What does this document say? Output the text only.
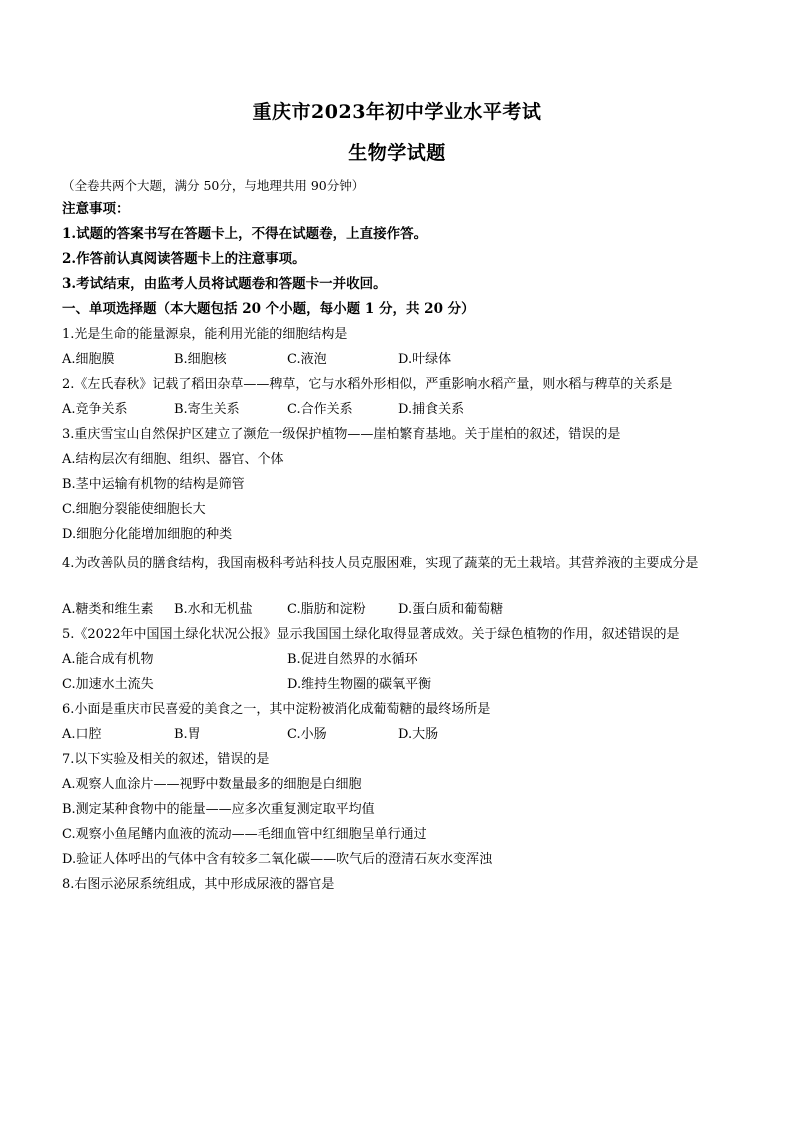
重庆市2023年初中学业水平考试
生物学试题
（全卷共两个大题，满分 50分，与地理共用 90分钟）
注意事项：
1.试题的答案书写在答题卡上，不得在试题卷，上直接作答。
2.作答前认真阅读答题卡上的注意事项。
3.考试结束，由监考人员将试题卷和答题卡一并收回。
一、单项选择题（本大题包括 20 个小题，每小题 1 分，共 20 分）
1.光是生命的能量源泉，能利用光能的细胞结构是
A.细胞膜	B.细胞核	C.液泡	D.叶绿体
2.《左氏春秋》记载了稻田杂草——稗草，它与水稻外形相似，严重影响水稻产量，则水稻与稗草的关系是
A.竞争关系	B.寄生关系	C.合作关系	D.捕食关系
3.重庆雪宝山自然保护区建立了濒危一级保护植物——崖柏繁育基地。关于崖柏的叙述，错误的是
A.结构层次有细胞、组织、器官、个体
B.茎中运输有机物的结构是筛管
C.细胞分裂能使细胞长大
D.细胞分化能增加细胞的种类
4.为改善队员的膳食结构，我国南极科考站科技人员克服困难，实现了蔬菜的无土栽培。其营养液的主要成分是
A.糖类和维生素 B.水和无机盐	C.脂肪和淀粉 D.蛋白质和葡萄糖
5.《2022年中国国土绿化状况公报》显示我国国土绿化取得显著成效。关于绿色植物的作用，叙述错误的是
A.能合成有机物	B.促进自然界的水循环
C.加速水土流失	D.维持生物圈的碳氧平衡
6.小面是重庆市民喜爱的美食之一，其中淀粉被消化成葡萄糖的最终场所是
A.口腔	B.胃	C.小肠	D.大肠
7.以下实验及相关的叙述，错误的是
A.观察人血涂片——视野中数量最多的细胞是白细胞
B.测定某种食物中的能量——应多次重复测定取平均值
C.观察小鱼尾鳍内血液的流动——毛细血管中红细胞呈单行通过
D.验证人体呼出的气体中含有较多二氧化碳——吹气后的澄清石灰水变浑浊
8.右图示泌尿系统组成，其中形成尿液的器官是
